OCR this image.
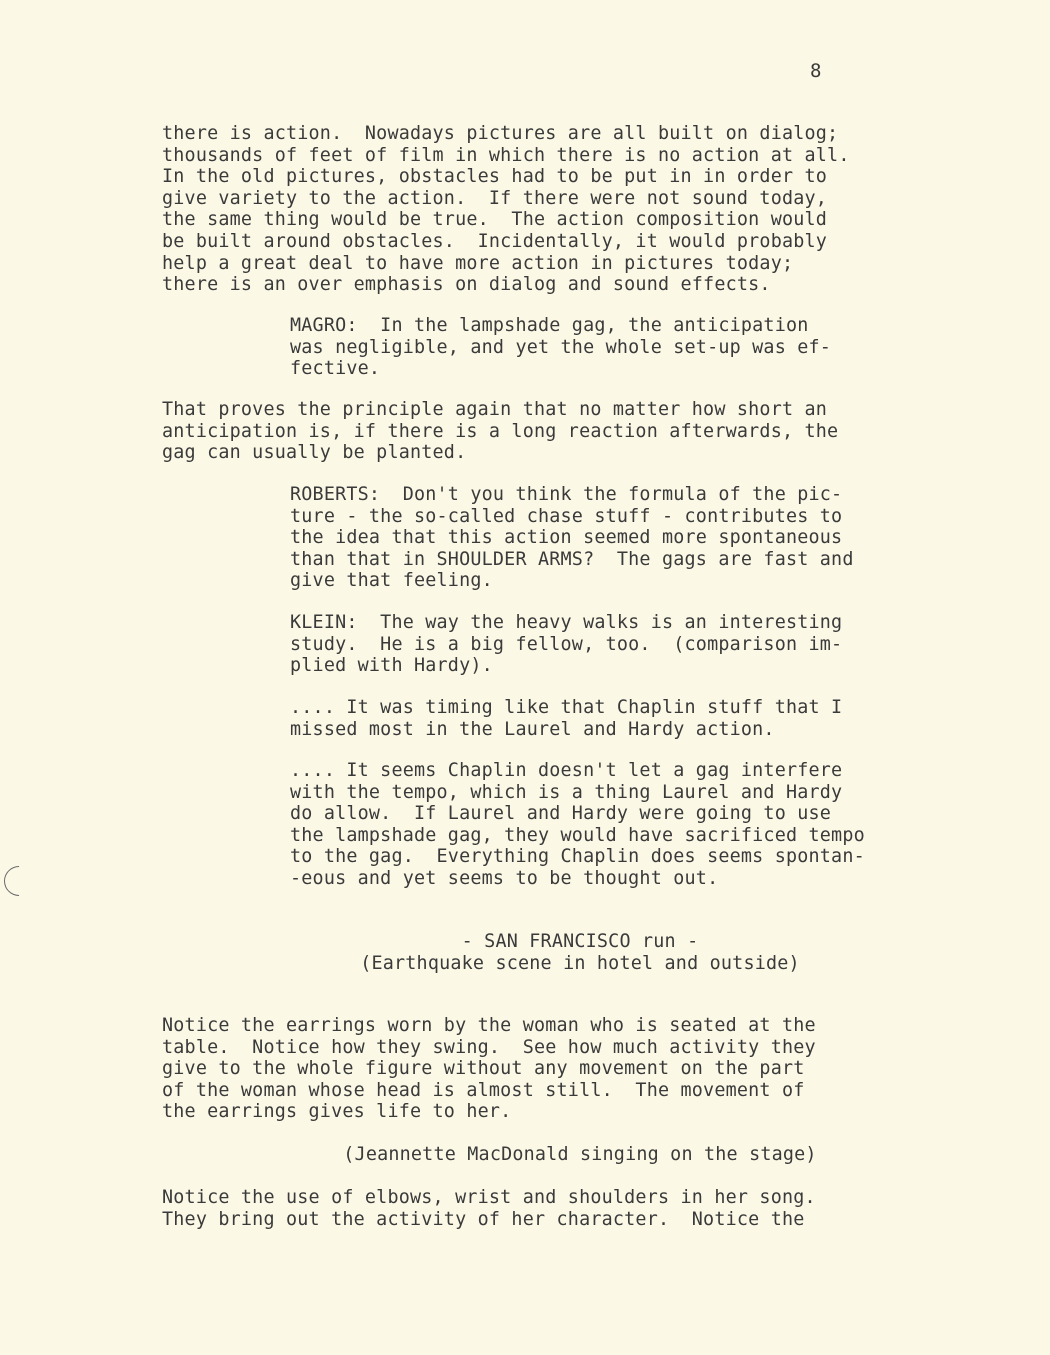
8
there is action.  Nowadays pictures are all built on dialog;
thousands of feet of film in which there is no action at all.
In the old pictures, obstacles had to be put in in order to
give variety to the action.  If there were not sound today,
the same thing would be true.  The action composition would
be built around obstacles.  Incidentally, it would probably
help a great deal to have more action in pictures today;
there is an over emphasis on dialog and sound effects.
MAGRO:  In the lampshade gag, the anticipation
was negligible, and yet the whole set-up was ef-
fective.
That proves the principle again that no matter how short an
anticipation is, if there is a long reaction afterwards, the
gag can usually be planted.
ROBERTS:  Don't you think the formula of the pic-
ture - the so-called chase stuff - contributes to
the idea that this action seemed more spontaneous
than that in SHOULDER ARMS?  The gags are fast and
give that feeling.
KLEIN:  The way the heavy walks is an interesting
study.  He is a big fellow, too.  (comparison im-
plied with Hardy).
.... It was timing like that Chaplin stuff that I
missed most in the Laurel and Hardy action.
.... It seems Chaplin doesn't let a gag interfere
with the tempo, which is a thing Laurel and Hardy
do allow.  If Laurel and Hardy were going to use
the lampshade gag, they would have sacrificed tempo
to the gag.  Everything Chaplin does seems spontan-
-eous and yet seems to be thought out.
- SAN FRANCISCO run -
(Earthquake scene in hotel and outside)
Notice the earrings worn by the woman who is seated at the
table.  Notice how they swing.  See how much activity they
give to the whole figure without any movement on the part
of the woman whose head is almost still.  The movement of
the earrings gives life to her.
(Jeannette MacDonald singing on the stage)
Notice the use of elbows, wrist and shoulders in her song.
They bring out the activity of her character.  Notice the
